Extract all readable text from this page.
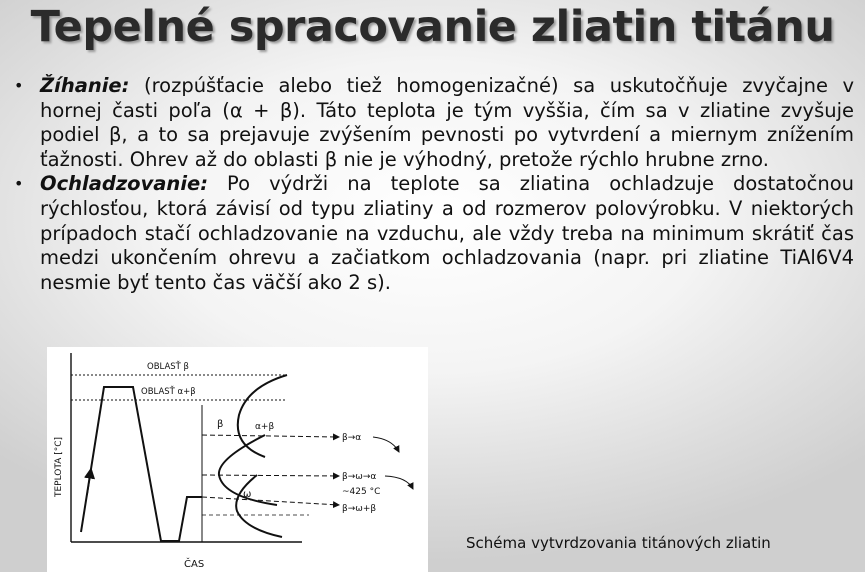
Tepelné spracovanie zliatin titánu
• Žíhanie: (rozpúšťacie alebo tiež homogenizačné) sa uskutočňuje zvyčajne v hornej časti poľa (α + β). Táto teplota je tým vyššia, čím sa v zliatine zvyšuje podiel β, a to sa prejavuje zvýšením pevnosti po vytvrdení a miernym znížením ťažnosti. Ohrev až do oblasti β nie je výhodný, pretože rýchlo hrubne zrno.
• Ochladzovanie: Po výdrži na teplote sa zliatina ochladzuje dostatočnou rýchlosťou, ktorá závisí od typu zliatiny a od rozmerov polovýrobku. V niektorých prípadoch stačí ochladzovanie na vzduchu, ale vždy treba na minimum skrátiť čas medzi ukončením ohrevu a začiatkom ochladzovania (napr. pri zliatine TiAl6V4 nesmie byť tento čas väčší ako 2 s).
OBLASŤ β
OBLASŤ α+β
TEPLOTA [°C]
ČAS
β	α+β
ω
β→α
β→ω→α
~425 °C
β→ω+β
Schéma vytvrdzovania titánových zliatin
